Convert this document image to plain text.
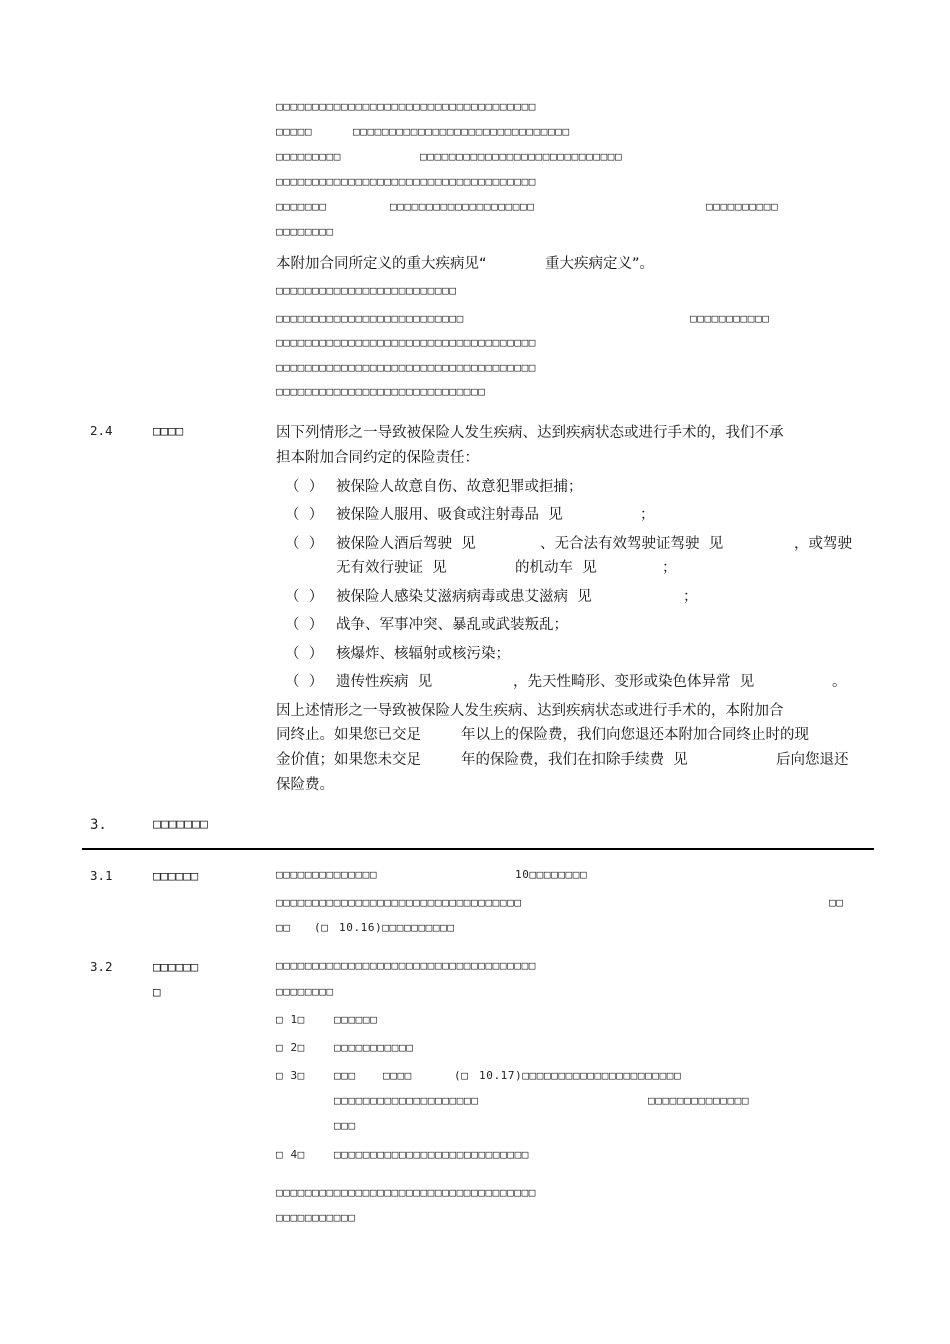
□□□□□□□□□□□□□□□□□□□□□□□□□□□□□□□□□□□□
□□□□□	□□□□□□□□□□□□□□□□□□□□□□□□□□□□□□
□□□□□□□□□	□□□□□□□□□□□□□□□□□□□□□□□□□□□□
□□□□□□□□□□□□□□□□□□□□□□□□□□□□□□□□□□□□
□□□□□□□	□□□□□□□□□□□□□□□□□□□□	□□□□□□□□□□
□□□□□□□□
本附加合同所定义的重大疾病见“	重大疾病定义”。
□□□□□□□□□□□□□□□□□□□□□□□□□
□□□□□□□□□□□□□□□□□□□□□□□□□□	□□□□□□□□□□□
□□□□□□□□□□□□□□□□□□□□□□□□□□□□□□□□□□□□
□□□□□□□□□□□□□□□□□□□□□□□□□□□□□□□□□□□□
□□□□□□□□□□□□□□□□□□□□□□□□□□□□□
2.4	□□□□	因下列情形之一导致被保险人发生疾病、达到疾病状态或进行手术的，我们不承
担本附加合同约定的保险责任：
（  ） 被保险人故意自伤、故意犯罪或拒捕；
（  ） 被保险人服用、吸食或注射毒品  见	；
（  ） 被保险人酒后驾驶  见	、无合法有效驾驶证驾驶  见	，或驾驶
无有效行驶证  见	的机动车  见	；
（  ） 被保险人感染艾滋病病毒或患艾滋病  见	；
（  ） 战争、军事冲突、暴乱或武装叛乱；
（  ） 核爆炸、核辐射或核污染；
（  ） 遗传性疾病  见	，先天性畸形、变形或染色体异常  见	。
因上述情形之一导致被保险人发生疾病、达到疾病状态或进行手术的，本附加合
同终止。如果您已交足	年以上的保险费，我们向您退还本附加合同终止时的现
金价值；如果您未交足	年的保险费，我们在扣除手续费  见	后向您退还
保险费。
3.	□□□□□□□
3.1	□□□□□□	□□□□□□□□□□□□□□	10□□□□□□□□
□□□□□□□□□□□□□□□□□□□□□□□□□□□□□□□□□□	□□
□□ (□ 10.16)□□□□□□□□□□
3.2	□□□□□□
□
□□□□□□□□□□□□□□□□□□□□□□□□□□□□□□□□□□□□
□□□□□□□□
□ 1□	□□□□□□
□ 2□	□□□□□□□□□□□
□ 3□	□□□ □□□□	(□ 10.17)□□□□□□□□□□□□□□□□□□□□□□
□□□□□□□□□□□□□□□□□□□□	□□□□□□□□□□□□□□
□□□
□ 4□	□□□□□□□□□□□□□□□□□□□□□□□□□□□
□□□□□□□□□□□□□□□□□□□□□□□□□□□□□□□□□□□□
□□□□□□□□□□□
